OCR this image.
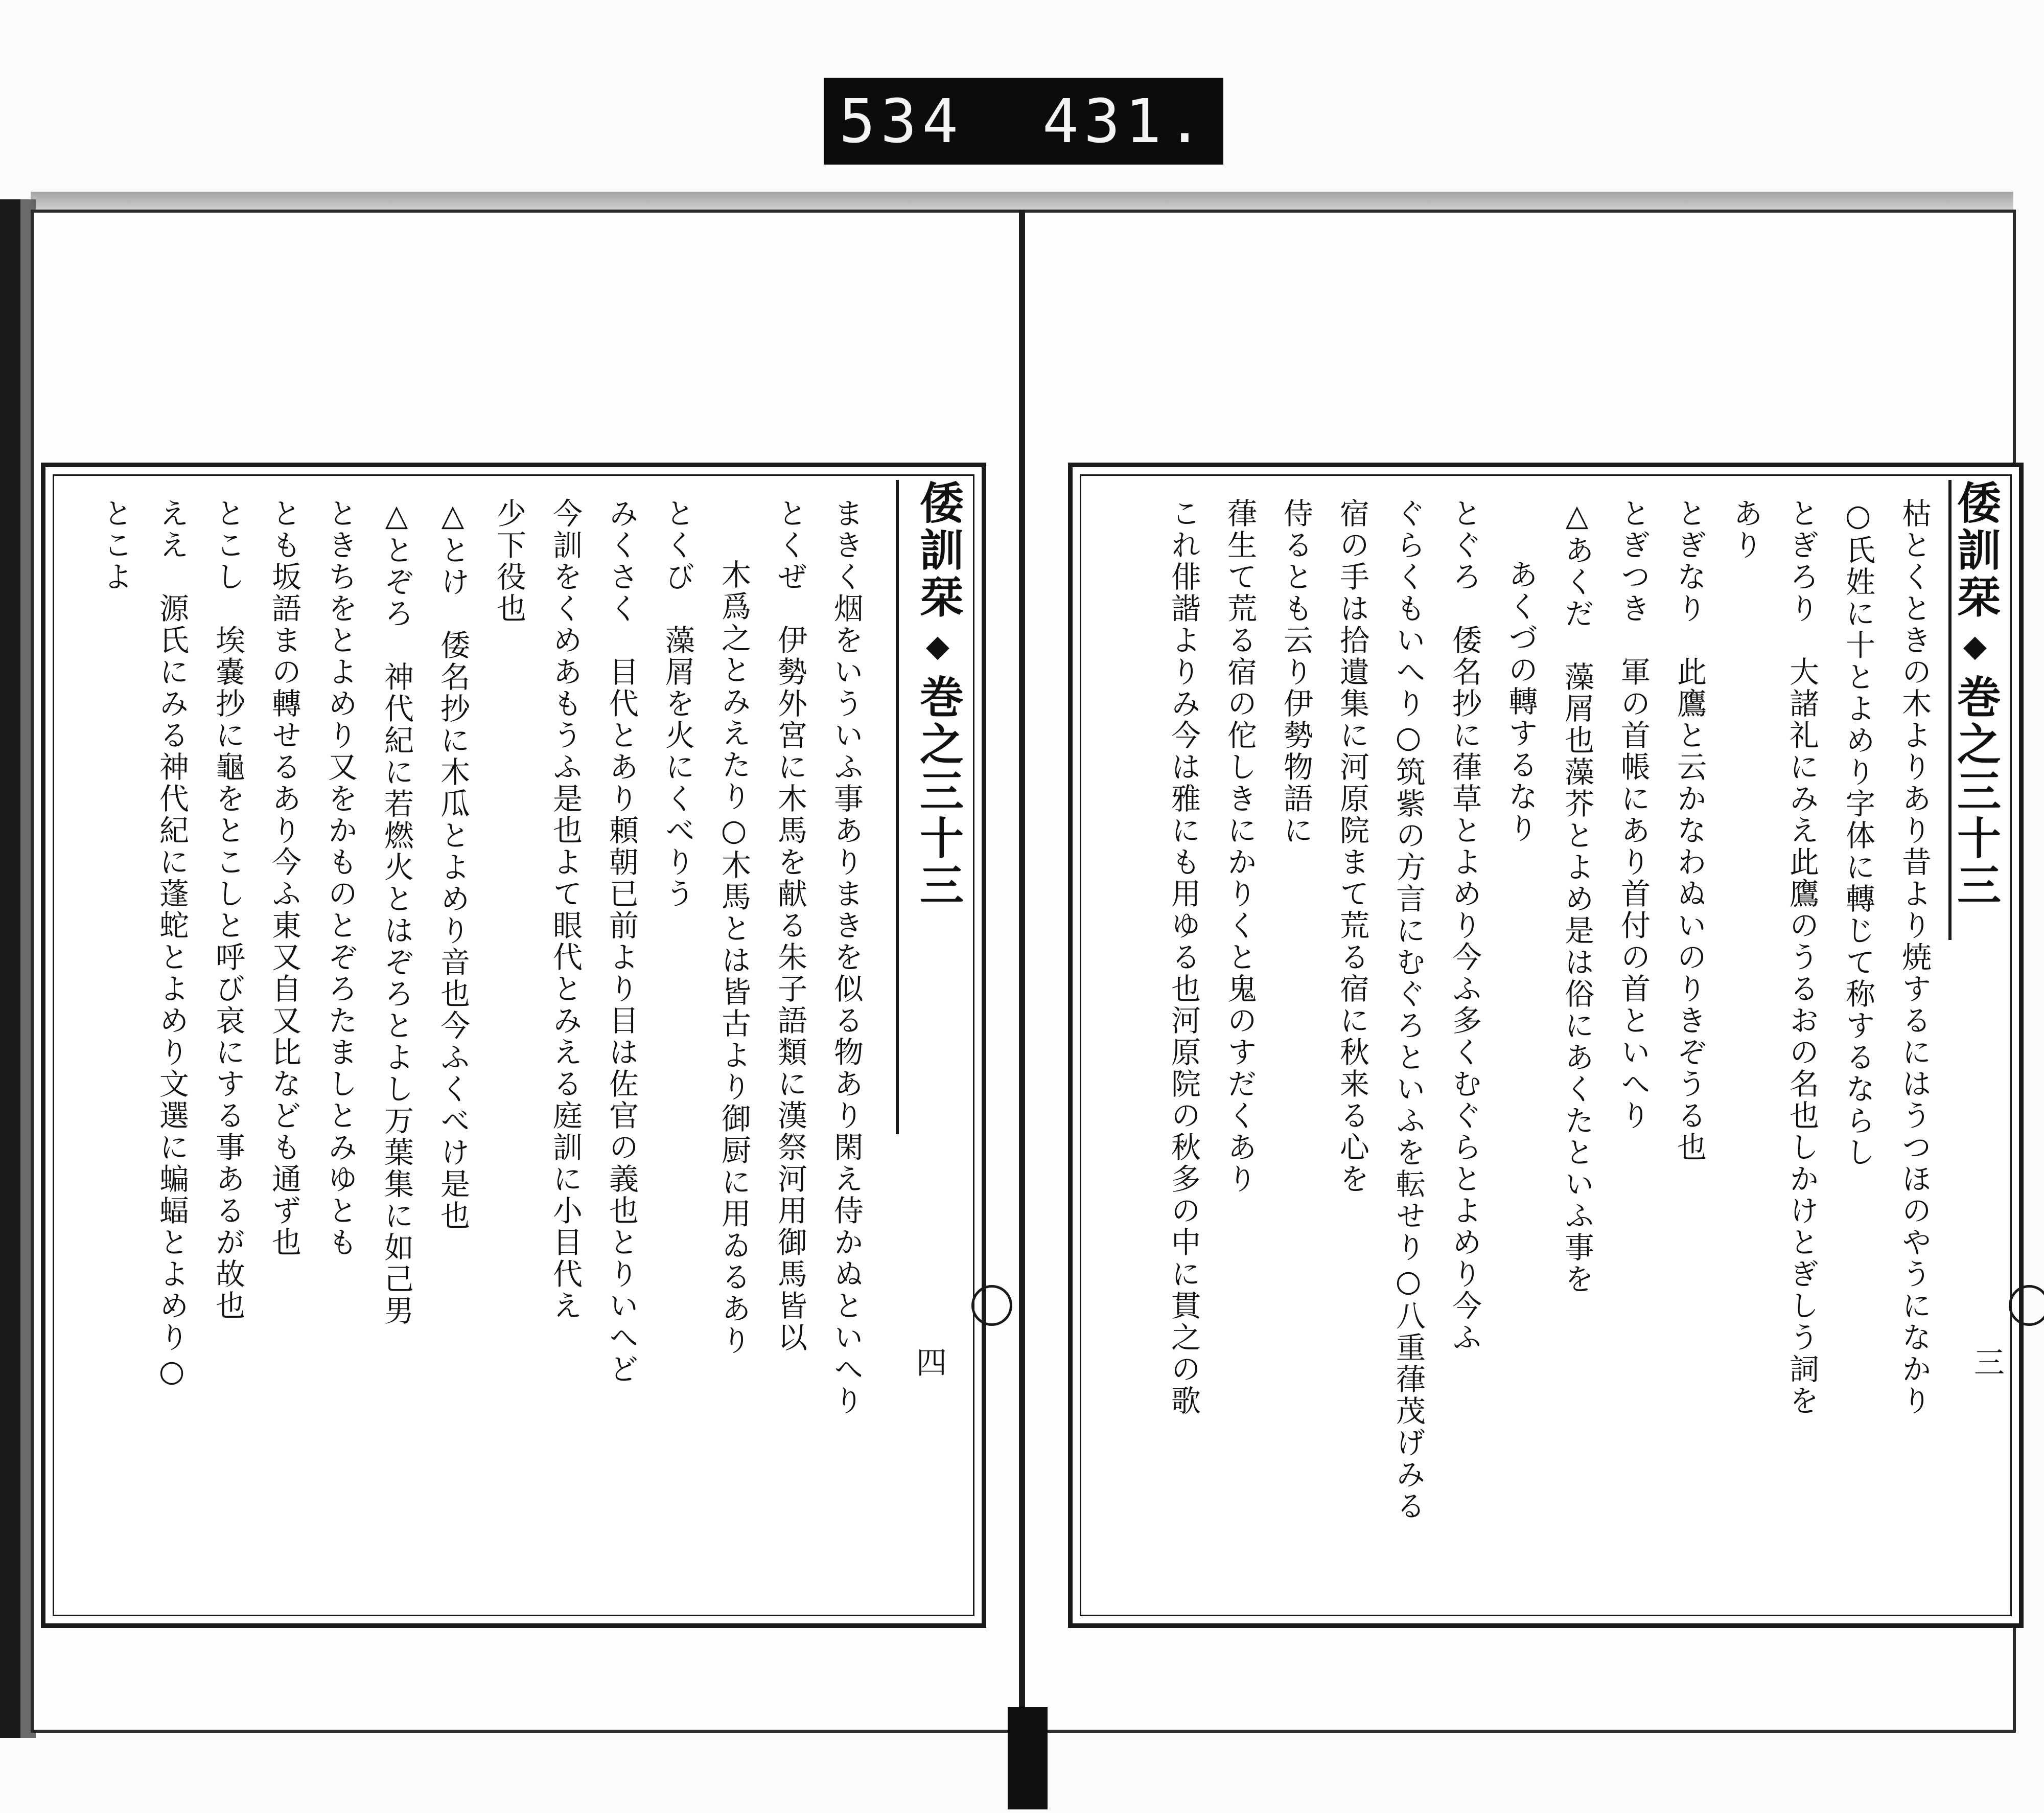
534 431.
倭訓栞◆巻之三十三
四
まきく烟をいういふ事ありまきを似る物あり閑え侍かぬといへり
とくぜ　伊勢外宮に木馬を献る朱子語類に漢祭河用御馬皆以
木爲之とみえたり○木馬とは皆古より御厨に用ゐるあり
とくび　藻屑を火にくべりう
みくさく　目代とあり頼朝已前より目は佐官の義也とりいへど
今訓をくめあもうふ是也よて眼代とみえる庭訓に小目代え
少下役也
△とけ　倭名抄に木瓜とよめり音也今ふくべけ是也
△とぞろ　神代紀に若燃火とはぞろとよし万葉集に如己男
ときちをとよめり又をかものとぞろたましとみゆとも
とも坂語まの轉せるあり今ふ東又自又比なども通ず也
とこし　埃嚢抄に龜をとこしと呼び哀にする事あるが故也
ええ　源氏にみる神代紀に蓬蛇とよめり文選に蝙蝠とよめり○
とこよ	倭訓栞◆巻之三十三
三
枯とくときの木よりあり昔より焼するにはうつほのやうになかり
○氏姓に十とよめり字体に轉じて称するならし
とぎろり　大諸礼にみえ此鷹のうるおの名也しかけとぎしう詞を
あり
とぎなり　此鷹と云かなわぬいのりきぞうる也
とぎつき　軍の首帳にあり首付の首といへり
△あくだ　藻屑也藻芥とよめ是は俗にあくたといふ事を
あくづの轉するなり
とぐろ　倭名抄に葎草とよめり今ふ多くむぐらとよめり今ふ
ぐらくもいへり○筑紫の方言にむぐろといふを転せり○八重葎茂げみる
宿の手は拾遺集に河原院まて荒る宿に秋来る心を
侍るとも云り伊勢物語に
葎生て荒る宿の佗しきにかりくと鬼のすだくあり
これ俳諧よりみ今は雅にも用ゆる也河原院の秋多の中に貫之の歌
